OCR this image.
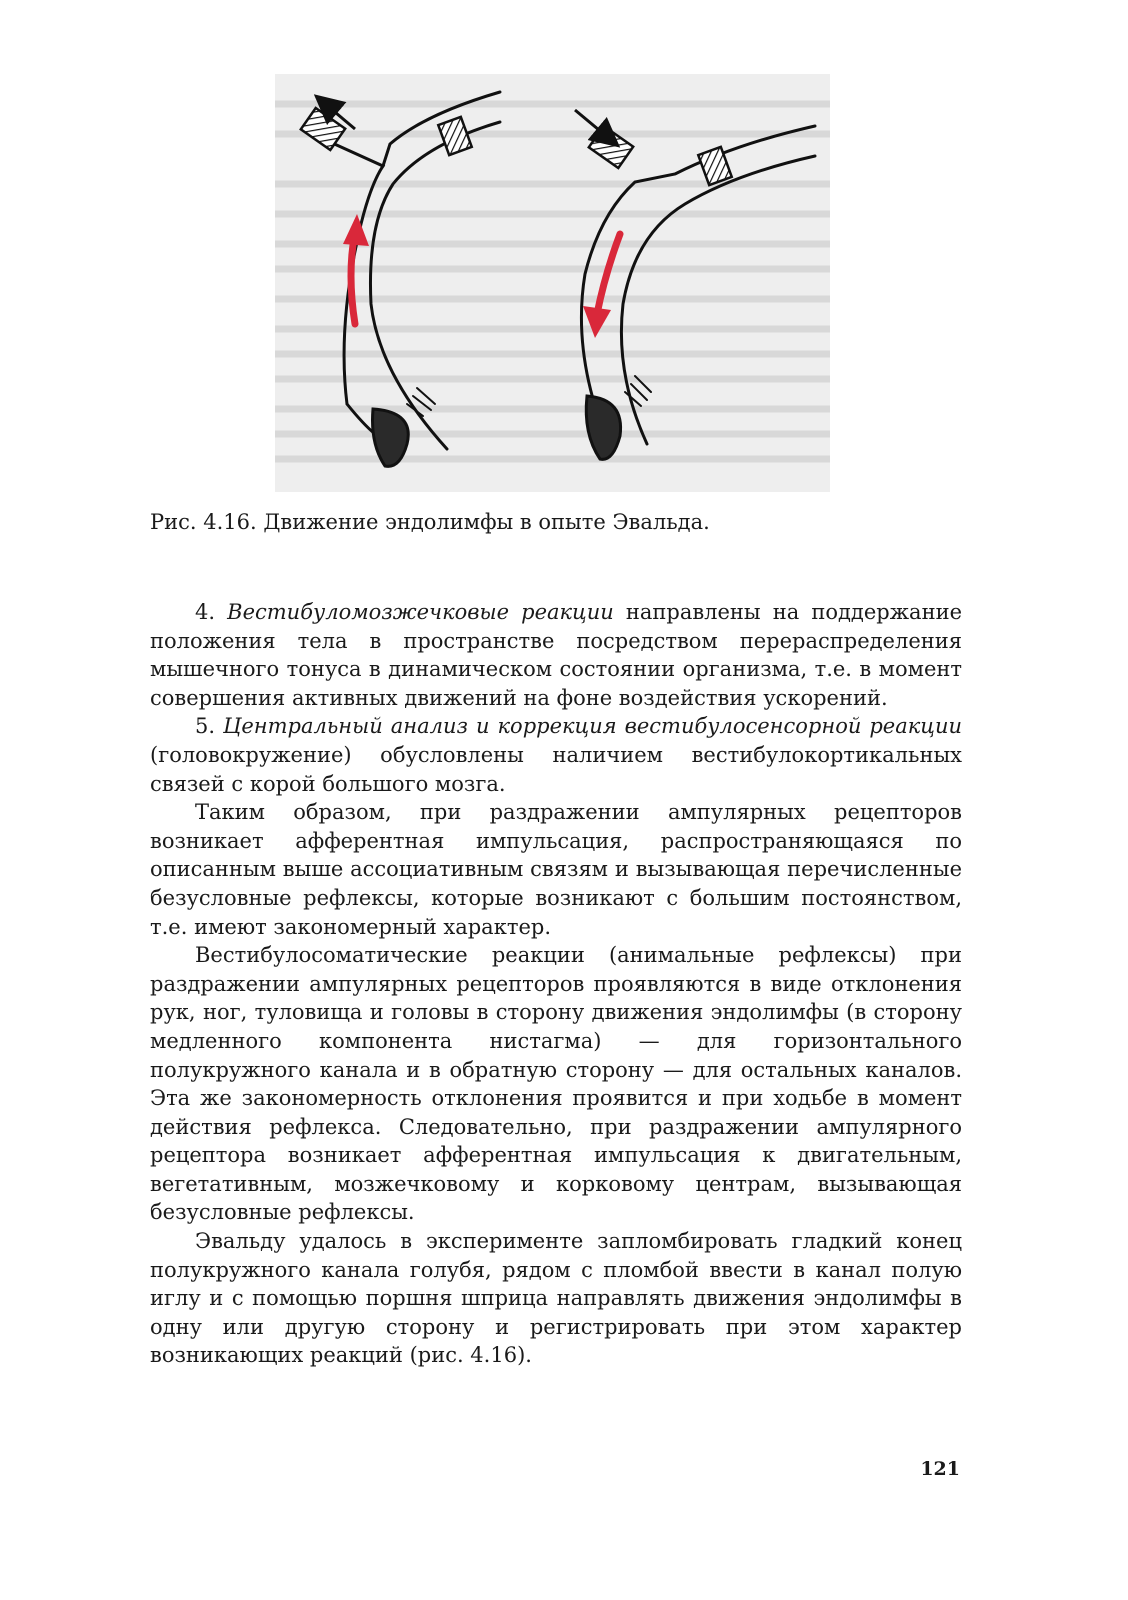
Рис. 4.16. Движение эндолимфы в опыте Эвальда.

4. Вестибуломозжечковые реакции направлены на поддержание положения тела в пространстве посредством перераспределения мышечного тонуса в динамическом состоянии организма, т.е. в момент совершения активных движений на фоне воздействия ускорений.

5. Центральный анализ и коррекция вестибулосенсорной реакции (головокружение) обусловлены наличием вестибулокортикальных связей с корой большого мозга.

Таким образом, при раздражении ампулярных рецепторов возникает афферентная импульсация, распространяющаяся по описанным выше ассоциативным связям и вызывающая перечисленные безусловные рефлексы, которые возникают с большим постоянством, т.е. имеют закономерный характер.

Вестибулосоматические реакции (анимальные рефлексы) при раздражении ампулярных рецепторов проявляются в виде отклонения рук, ног, туловища и головы в сторону движения эндолимфы (в сторону медленного компонента нистагма) — для горизонтального полукружного канала и в обратную сторону — для остальных каналов. Эта же закономерность отклонения проявится и при ходьбе в момент действия рефлекса. Следовательно, при раздражении ампулярного рецептора возникает афферентная импульсация к двигательным, вегетативным, мозжечковому и корковому центрам, вызывающая безусловные рефлексы.

Эвальду удалось в эксперименте запломбировать гладкий конец полукружного канала голубя, рядом с пломбой ввести в канал полую иглу и с помощью поршня шприца направлять движения эндолимфы в одну или другую сторону и регистрировать при этом характер возникающих реакций (рис. 4.16).

121
